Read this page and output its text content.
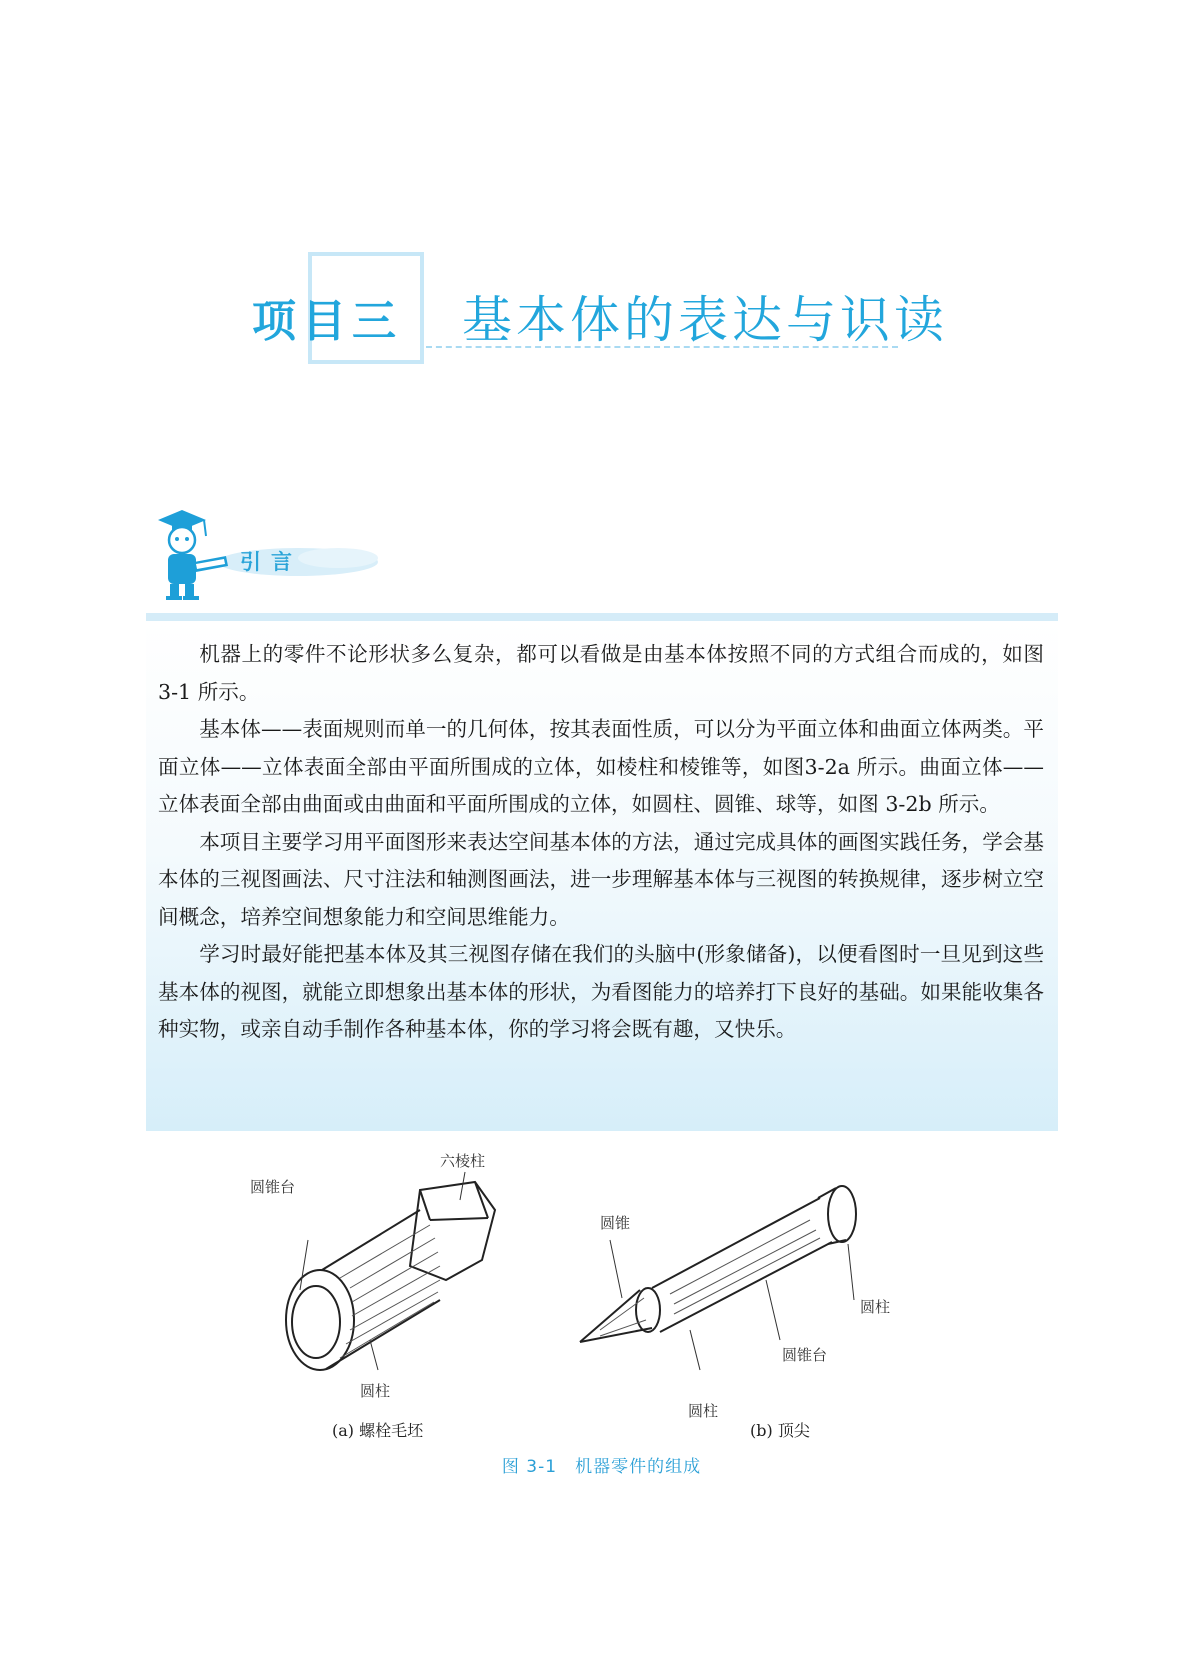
项目三 基本体的表达与识读
引言

机器上的零件不论形状多么复杂，都可以看做是由基本体按照不同的方式组合而成的，如图 3-1 所示。

基本体——表面规则而单一的几何体，按其表面性质，可以分为平面立体和曲面立体两类。平面立体——立体表面全部由平面所围成的立体，如棱柱和棱锥等，如图3-2a 所示。曲面立体——立体表面全部由曲面或由曲面和平面所围成的立体，如圆柱、圆锥、球等，如图 3-2b 所示。

本项目主要学习用平面图形来表达空间基本体的方法，通过完成具体的画图实践任务，学会基本体的三视图画法、尺寸注法和轴测图画法，进一步理解基本体与三视图的转换规律，逐步树立空间概念，培养空间想象能力和空间思维能力。

学习时最好能把基本体及其三视图存储在我们的头脑中(形象储备)，以便看图时一旦见到这些基本体的视图，就能立即想象出基本体的形状，为看图能力的培养打下良好的基础。如果能收集各种实物，或亲自动手制作各种基本体，你的学习将会既有趣，又快乐。

圆锥台
六棱柱
圆柱
(a) 螺栓毛坯
圆锥
圆柱
圆锥台
圆柱
(b) 顶尖
图 3-1　机器零件的组成
